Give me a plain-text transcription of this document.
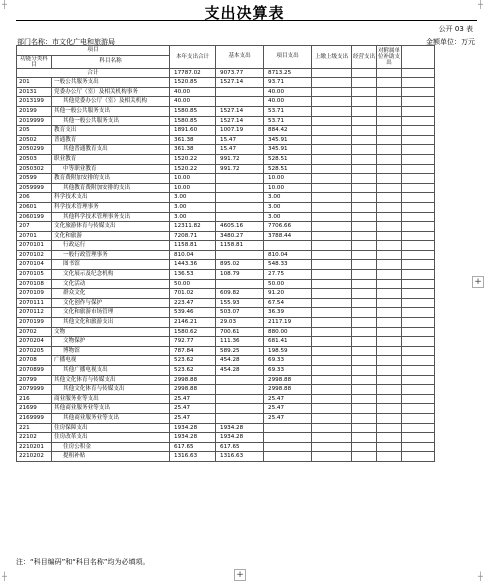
支出决算表
公开 03 表
部门名称：市文化广电和旅游局	金额单位：万元
项目		本年支出合计	基本支出	项目支出	上缴上级支出	经营支出	对附属单位补助支出	
功能分类科目	科目名称							
合计		17787.02	9073.77	8713.25				
201	一般公共服务支出	1520.85	1527.14	93.71				
20131	党委办公厅（室）及相关机构事务	40.00		40.00				
2013199	其他党委办公厅（室）及相关机构	40.00		40.00				
20199	其他一般公共服务支出	1580.85	1527.14	53.71				
2019999	其他一般公共服务支出	1580.85	1527.14	53.71				
205	教育支出	1891.60	1007.19	884.42				
20502	普通教育	361.38	15.47	345.91				
2050299	其他普通教育支出	361.38	15.47	345.91				
20503	职业教育	1520.22	991.72	528.51				
2050302	中等职业教育	1520.22	991.72	528.51				
20599	教育费附加安排的支出	10.00		10.00				
2059999	其他教育费附加安排的支出	10.00		10.00				
206	科学技术支出	3.00		3.00				
20601	科学技术管理事务	3.00		3.00				
2060199	其他科学技术管理事务支出	3.00		3.00				
207	文化旅游体育与传媒支出	12311.82	4605.16	7706.66				
20701	文化和旅游	7208.71	3480.27	3788.44				
2070101	行政运行	1158.81	1158.81					
2070102	一般行政管理事务	810.04		810.04				
2070104	图书馆	1443.36	895.02	548.33				
2070105	文化展示及纪念机构	136.53	108.79	27.75				
2070108	文化活动	50.00		50.00				
2070109	群众文化	701.02	609.82	91.20				
2070111	文化创作与保护	223.47	155.93	67.54				
2070112	文化和旅游市场管理	539.46	503.07	36.39				
2070199	其他文化和旅游支出	2146.21	29.03	2117.19				
20702	文物	1580.62	700.61	880.00				
2070204	文物保护	792.77	111.36	681.41				
2070205	博物馆	787.84	589.25	198.59				
20708	广播电视	523.62	454.28	69.33				
2070899	其他广播电视支出	523.62	454.28	69.33				
20799	其他文化体育与传媒支出	2998.88		2998.88				
2079999	其他文化体育与传媒支出	2998.88		2998.88				
216	商业服务业等支出	25.47		25.47				
21699	其他商业服务业等支出	25.47		25.47				
2169999	其他商业服务业等支出	25.47		25.47				
221	住房保障支出	1934.28	1934.28					
22102	住房改革支出	1934.28	1934.28					
2210201	住房公积金	617.65	617.65					
2210202	提租补贴	1316.63	1316.63					
注：“科目编码”和“科目名称”均为必填项。
+
+
┼	┼
┼	┼
